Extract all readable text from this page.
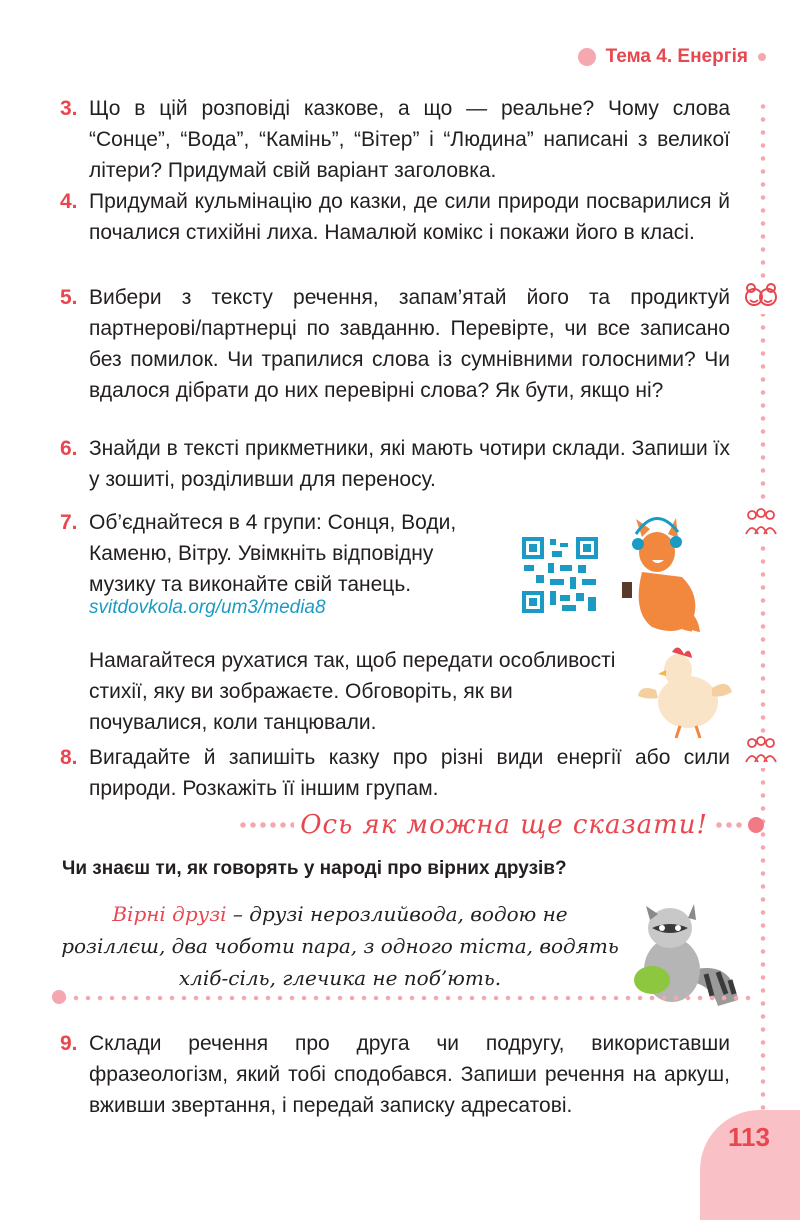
Тема 4. Енергія
3. Що в цій розповіді казкове, а що — реальне? Чому слова “Сонце”, “Вода”, “Камінь”, “Вітер” і “Людина” написані з великої літери? Придумай свій варіант заголовка.
4. Придумай кульмінацію до казки, де сили природи посварилися й почалися стихійні лиха. Намалюй комікс і покажи його в класі.
5. Вибери з тексту речення, запам’ятай його та продиктуй партнерові/партнерці по завданню. Перевірте, чи все записано без помилок. Чи трапилися слова із сумнівними голосними? Чи вдалося дібрати до них перевірні слова? Як бути, якщо ні?
6. Знайди в тексті прикметники, які мають чотири склади. Запиши їх у зошиті, розділивши для переносу.
7. Об’єднайтеся в 4 групи: Сонця, Води, Каменю, Вітру. Увімкніть відповідну музику та виконайте свій танець.
svitdovkola.org/um3/media8
Намагайтеся рухатися так, щоб передати особливості стихії, яку ви зображаєте. Обговоріть, як ви почувалися, коли танцювали.
8. Вигадайте й запишіть казку про різні види енергії або сили природи. Розкажіть її іншим групам.
Ось як можна ще сказати!
Чи знаєш ти, як говорять у народі про вірних друзів?
Вірні друзі – друзі нерозлийвода, водою не розіллєш, два чоботи пара, з одного тіста, водять хліб-сіль, глечика не поб’ють.
9. Склади речення про друга чи подругу, використавши фразеологізм, який тобі сподобався. Запиши речення на аркуш, вживши звертання, і передай записку адресатові.
113
